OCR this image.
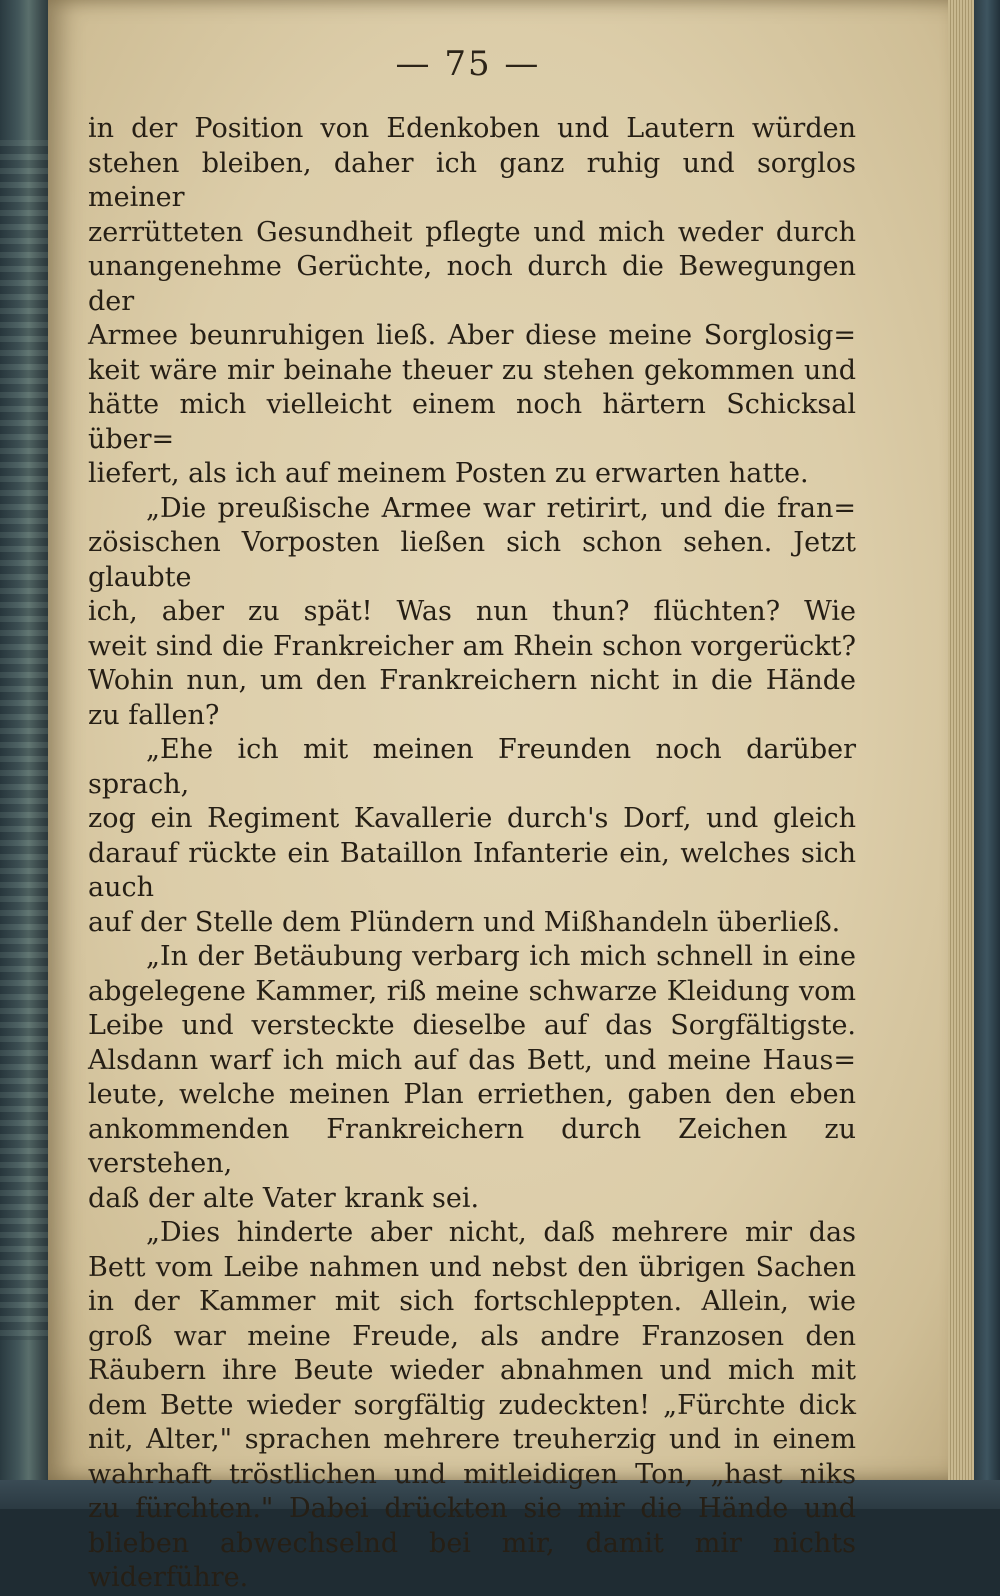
— 75 —

in der Position von Edenkoben und Lautern würden

stehen bleiben, daher ich ganz ruhig und sorglos meiner

zerrütteten Gesundheit pflegte und mich weder durch

unangenehme Gerüchte, noch durch die Bewegungen der

Armee beunruhigen ließ. Aber diese meine Sorglosig=

keit wäre mir beinahe theuer zu stehen gekommen und

hätte mich vielleicht einem noch härtern Schicksal über=

liefert, als ich auf meinem Posten zu erwarten hatte.

„Die preußische Armee war retirirt, und die fran=

zösischen Vorposten ließen sich schon sehen. Jetzt glaubte

ich, aber zu spät! Was nun thun? flüchten? Wie

weit sind die Frankreicher am Rhein schon vorgerückt?

Wohin nun, um den Frankreichern nicht in die Hände

zu fallen?

„Ehe ich mit meinen Freunden noch darüber sprach,

zog ein Regiment Kavallerie durch's Dorf, und gleich

darauf rückte ein Bataillon Infanterie ein, welches sich auch

auf der Stelle dem Plündern und Mißhandeln überließ.

„In der Betäubung verbarg ich mich schnell in eine

abgelegene Kammer, riß meine schwarze Kleidung vom

Leibe und versteckte dieselbe auf das Sorgfältigste.

Alsdann warf ich mich auf das Bett, und meine Haus=

leute, welche meinen Plan erriethen, gaben den eben

ankommenden Frankreichern durch Zeichen zu verstehen,

daß der alte Vater krank sei.

„Dies hinderte aber nicht, daß mehrere mir das

Bett vom Leibe nahmen und nebst den übrigen Sachen

in der Kammer mit sich fortschleppten. Allein, wie

groß war meine Freude, als andre Franzosen den

Räubern ihre Beute wieder abnahmen und mich mit

dem Bette wieder sorgfältig zudeckten! „Fürchte dick

nit, Alter," sprachen mehrere treuherzig und in einem

wahrhaft tröstlichen und mitleidigen Ton, „hast niks

zu fürchten." Dabei drückten sie mir die Hände und

blieben abwechselnd bei mir, damit mir nichts widerführe.
